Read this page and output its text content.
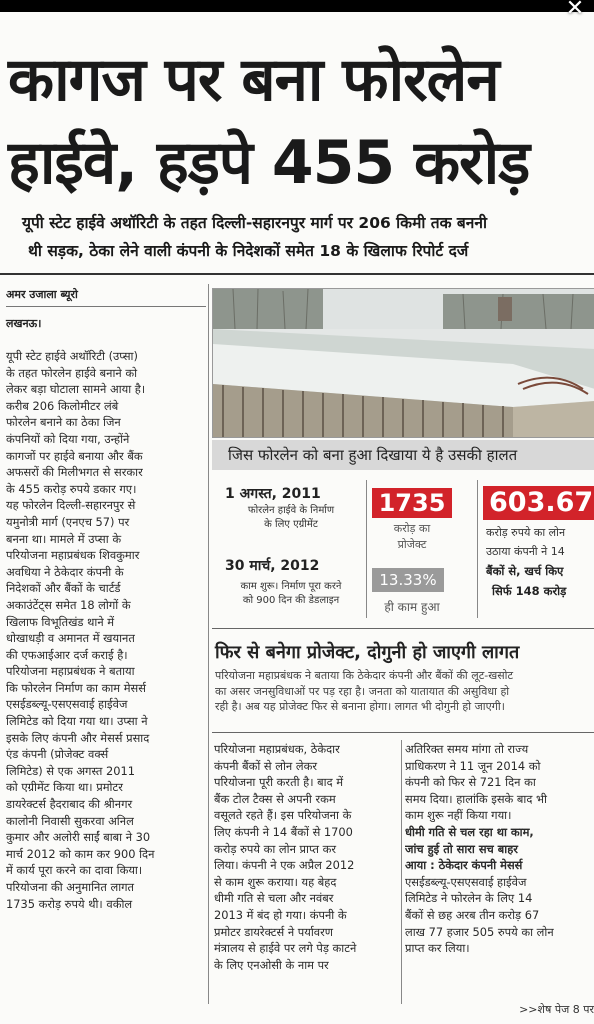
✕
कागज पर बना फोरलेन
हाईवे, हड़पे 455 करोड़
यूपी स्टेट हाईवे अथॉरिटी के तहत दिल्ली-सहारनपुर मार्ग पर 206 किमी तक बननी
थी सड़क, ठेका लेने वाली कंपनी के निदेशकों समेत 18 के खिलाफ रिपोर्ट दर्ज
अमर उजाला ब्यूरो
लखनऊ।
यूपी स्टेट हाईवे अथॉरिटी (उप्सा)
के तहत फोरलेन हाईवे बनाने को
लेकर बड़ा घोटाला सामने आया है।
करीब 206 किलोमीटर लंबे
फोरलेन बनाने का ठेका जिन
कंपनियों को दिया गया, उन्होंने
कागजों पर हाईवे बनाया और बैंक
अफसरों की मिलीभगत से सरकार
के 455 करोड़ रुपये डकार गए।
यह फोरलेन दिल्ली-सहारनपुर से
यमुनोत्री मार्ग (एनएच 57) पर
बनना था। मामले में उप्सा के
परियोजना महाप्रबंधक शिवकुमार
अवधिया ने ठेकेदार कंपनी के
निदेशकों और बैंकों के चार्टर्ड
अकाउंटेंट्स समेत 18 लोगों के
खिलाफ विभूतिखंड थाने में
धोखाधड़ी व अमानत में खयानत
की एफआईआर दर्ज कराई है।
परियोजना महाप्रबंधक ने बताया
कि फोरलेन निर्माण का काम मेसर्स
एसईडब्ल्यू-एसएसवाई हाईवेज
लिमिटेड को दिया गया था। उप्सा ने
इसके लिए कंपनी और मेसर्स प्रसाद
एंड कंपनी (प्रोजेक्ट वर्क्स
लिमिटेड) से एक अगस्त 2011
को एग्रीमेंट किया था। प्रमोटर
डायरेक्टर्स हैदराबाद की श्रीनगर
कालोनी निवासी सुकरवा अनिल
कुमार और अलोरी साईं बाबा ने 30
मार्च 2012 को काम कर 900 दिन
में कार्य पूरा करने का दावा किया।
परियोजना की अनुमानित लागत
1735 करोड़ रुपये थी। वकील
जिस फोरलेन को बना हुआ दिखाया ये है उसकी हालत
1 अगस्त, 2011
फोरलेन हाईवे के निर्माण
के लिए एग्रीमेंट
30 मार्च, 2012
काम शुरू। निर्माण पूरा करने
को 900 दिन की डेडलाइन
1735
करोड़ का
प्रोजेक्ट
13.33%
ही काम हुआ
603.67
करोड़ रुपये का लोन
उठाया कंपनी ने 14
बैंकों से, खर्च किए
सिर्फ 148 करोड़
फिर से बनेगा प्रोजेक्ट, दोगुनी हो जाएगी लागत
परियोजना महाप्रबंधक ने बताया कि ठेकेदार कंपनी और बैंकों की लूट-खसोट
का असर जनसुविधाओं पर पड़ रहा है। जनता को यातायात की असुविधा हो
रही है। अब यह प्रोजेक्ट फिर से बनाना होगा। लागत भी दोगुनी हो जाएगी।
परियोजना महाप्रबंधक, ठेकेदार
कंपनी बैंकों से लोन लेकर
परियोजना पूरी करती है। बाद में
बैंक टोल टैक्स से अपनी रकम
वसूलते रहते हैं। इस परियोजना के
लिए कंपनी ने 14 बैंकों से 1700
करोड़ रुपये का लोन प्राप्त कर
लिया। कंपनी ने एक अप्रैल 2012
से काम शुरू कराया। यह बेहद
धीमी गति से चला और नवंबर
2013 में बंद हो गया। कंपनी के
प्रमोटर डायरेक्टर्स ने पर्यावरण
मंत्रालय से हाईवे पर लगे पेड़ काटने
के लिए एनओसी के नाम पर
अतिरिक्त समय मांगा तो राज्य
प्राधिकरण ने 11 जून 2014 को
कंपनी को फिर से 721 दिन का
समय दिया। हालांकि इसके बाद भी
काम शुरू नहीं किया गया।
धीमी गति से चल रहा था काम,
जांच हुई तो सारा सच बाहर
आया : ठेकेदार कंपनी मेसर्स
एसईडब्ल्यू-एसएसवाई हाईवेज
लिमिटेड ने फोरलेन के लिए 14
बैंकों से छह अरब तीन करोड़ 67
लाख 77 हजार 505 रुपये का लोन
प्राप्त कर लिया।
>>शेष पेज 8 पर
